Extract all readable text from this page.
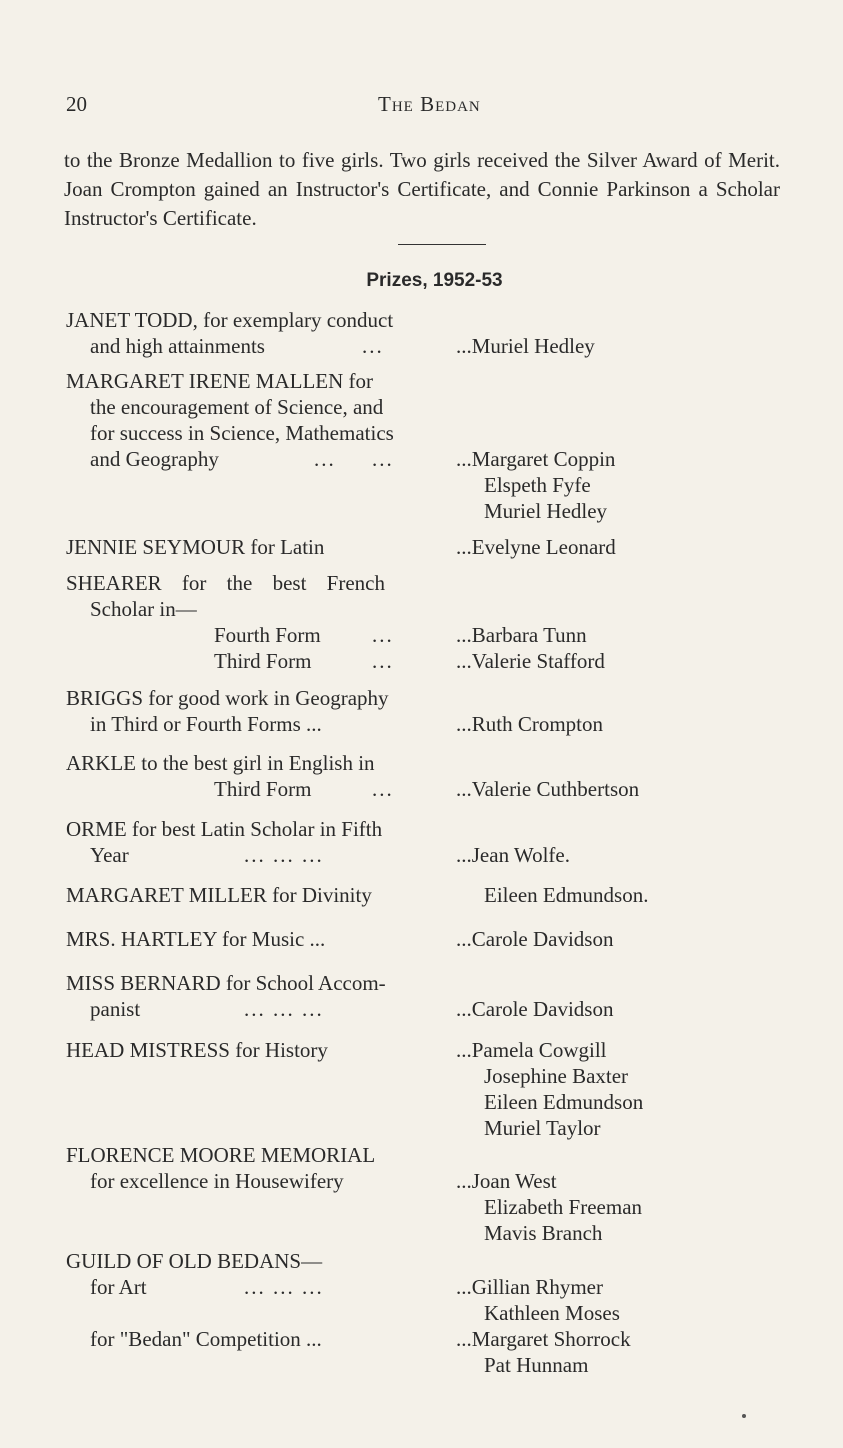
20	The Bedan

to the Bronze Medallion to five girls. Two girls received the Silver Award of Merit. Joan Crompton gained an Instructor's Certificate, and Connie Parkinson a Scholar Instructor's Certificate.

Prizes, 1952-53
JANET TODD, for exemplary conduct
and high attainments	...	...Muriel Hedley
MARGARET IRENE MALLEN for
the encouragement of Science, and
for success in Science, Mathematics
and Geography	... ...	...Margaret Coppin
Elspeth Fyfe
Muriel Hedley
JENNIE SEYMOUR for Latin	...Evelyne Leonard
SHEARER for the best French
Scholar in—
Fourth Form ...	...Barbara Tunn
Third Form	...	...Valerie Stafford
BRIGGS for good work in Geography
in Third or Fourth Forms ...	...Ruth Crompton
ARKLE to the best girl in English in
Third Form	...	...Valerie Cuthbertson
ORME for best Latin Scholar in Fifth
Year	... ... ...	...Jean Wolfe.
MARGARET MILLER for Divinity	Eileen Edmundson.
MRS. HARTLEY for Music ...	...Carole Davidson
MISS BERNARD for School Accom-
panist	... ... ...	...Carole Davidson
HEAD MISTRESS for History	...Pamela Cowgill
Josephine Baxter
Eileen Edmundson
Muriel Taylor
FLORENCE MOORE MEMORIAL
for excellence in Housewifery	...Joan West
Elizabeth Freeman
Mavis Branch
GUILD OF OLD BEDANS—
for Art	... ... ...	...Gillian Rhymer
Kathleen Moses
for "Bedan" Competition ...	...Margaret Shorrock
Pat Hunnam
